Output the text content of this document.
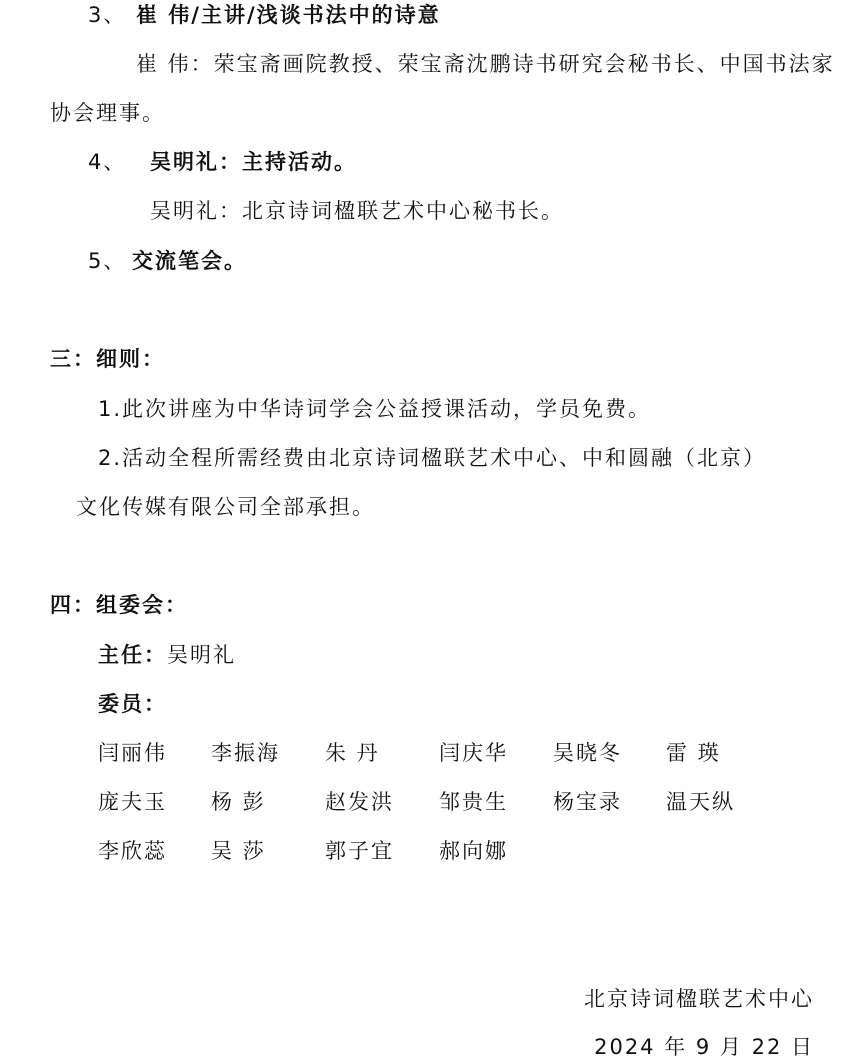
3、 崔 伟/主讲/浅谈书法中的诗意
崔 伟：荣宝斋画院教授、荣宝斋沈鹏诗书研究会秘书长、中国书法家
协会理事。
4、 吴明礼：主持活动。
吴明礼：北京诗词楹联艺术中心秘书长。
5、 交流笔会。
三：细则：
1.此次讲座为中华诗词学会公益授课活动，学员免费。
2.活动全程所需经费由北京诗词楹联艺术中心、中和圆融（北京）
文化传媒有限公司全部承担。
四：组委会：
主任：吴明礼
委员：
闫丽伟 李振海 朱 丹	闫庆华 吴晓冬 雷 瑛
庞夫玉 杨 彭	赵发洪 邹贵生 杨宝录 温天纵
李欣蕊 吴 莎	郭子宜 郝向娜
北京诗词楹联艺术中心
2024 年 9 月 22 日
